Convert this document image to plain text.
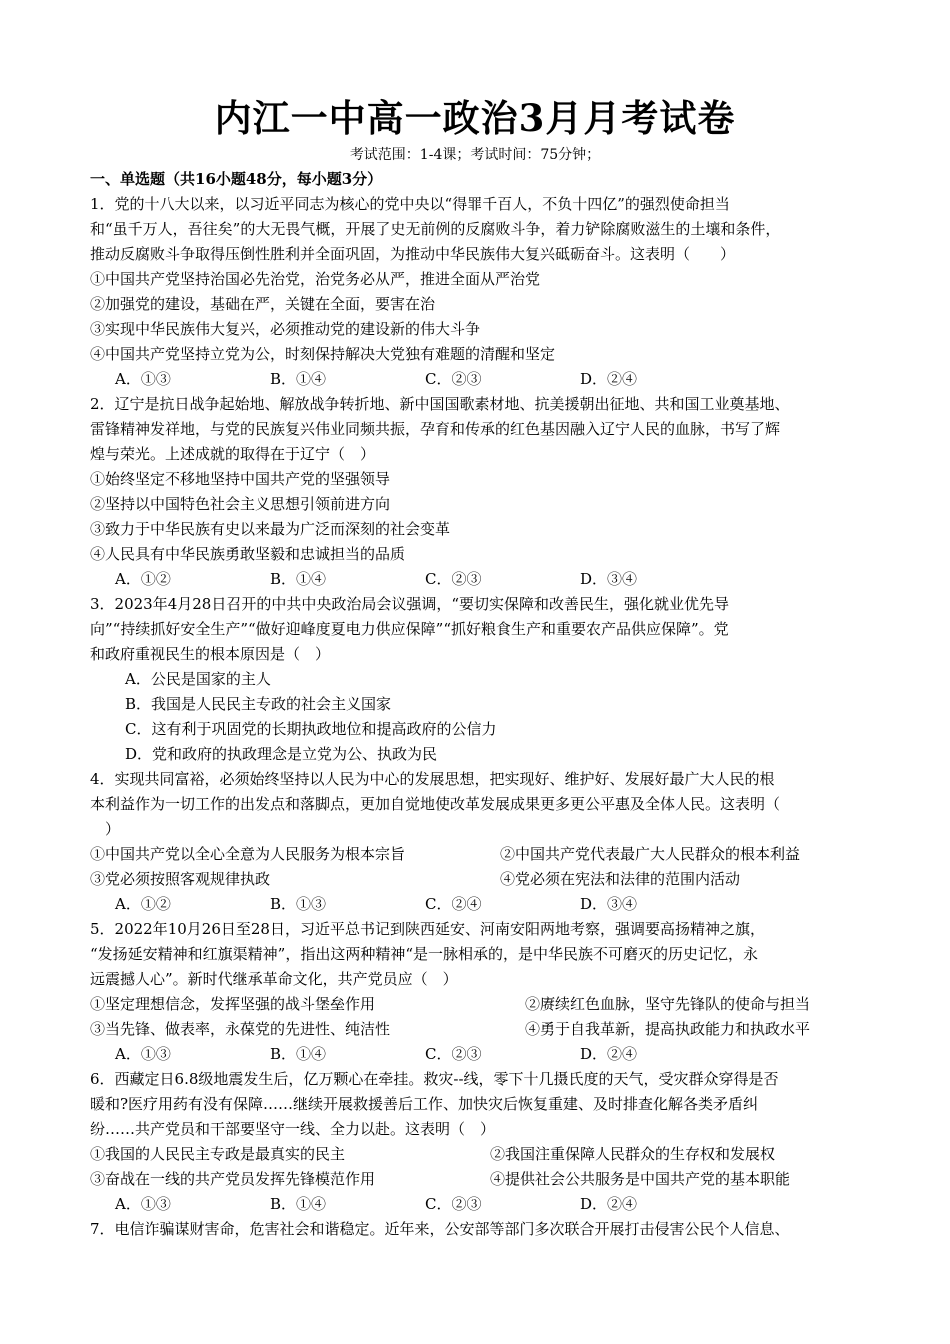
内江一中高一政治3月月考试卷
考试范围：1-4课；考试时间：75分钟；
一、单选题（共16小题48分，每小题3分）
1．党的十八大以来，以习近平同志为核心的党中央以“得罪千百人，不负十四亿”的强烈使命担当
和“虽千万人，吾往矣”的大无畏气概，开展了史无前例的反腐败斗争，着力铲除腐败滋生的土壤和条件，
推动反腐败斗争取得压倒性胜利并全面巩固，为推动中华民族伟大复兴砥砺奋斗。这表明（　　）
①中国共产党坚持治国必先治党，治党务必从严，推进全面从严治党
②加强党的建设，基础在严，关键在全面，要害在治
③实现中华民族伟大复兴，必须推动党的建设新的伟大斗争
④中国共产党坚持立党为公，时刻保持解决大党独有难题的清醒和坚定
A．①③	B．①④	C．②③	D．②④
2．辽宁是抗日战争起始地、解放战争转折地、新中国国歌素材地、抗美援朝出征地、共和国工业奠基地、
雷锋精神发祥地，与党的民族复兴伟业同频共振，孕育和传承的红色基因融入辽宁人民的血脉，书写了辉
煌与荣光。上述成就的取得在于辽宁（　）
①始终坚定不移地坚持中国共产党的坚强领导
②坚持以中国特色社会主义思想引领前进方向
③致力于中华民族有史以来最为广泛而深刻的社会变革
④人民具有中华民族勇敢坚毅和忠诚担当的品质
A．①②	B．①④	C．②③	D．③④
3．2023年4月28日召开的中共中央政治局会议强调，“要切实保障和改善民生，强化就业优先导
向”“持续抓好安全生产”“做好迎峰度夏电力供应保障”“抓好粮食生产和重要农产品供应保障”。党
和政府重视民生的根本原因是（　）
A．公民是国家的主人
B．我国是人民民主专政的社会主义国家
C．这有利于巩固党的长期执政地位和提高政府的公信力
D．党和政府的执政理念是立党为公、执政为民
4．实现共同富裕，必须始终坚持以人民为中心的发展思想，把实现好、维护好、发展好最广大人民的根
本利益作为一切工作的出发点和落脚点，更加自觉地使改革发展成果更多更公平惠及全体人民。这表明（
　）
①中国共产党以全心全意为人民服务为根本宗旨	②中国共产党代表最广大人民群众的根本利益
③党必须按照客观规律执政	④党必须在宪法和法律的范围内活动
A．①②	B．①③	C．②④	D．③④
5．2022年10月26日至28日，习近平总书记到陕西延安、河南安阳两地考察，强调要高扬精神之旗，
“发扬延安精神和红旗渠精神”，指出这两种精神“是一脉相承的，是中华民族不可磨灭的历史记忆，永
远震撼人心”。新时代继承革命文化，共产党员应（　）
①坚定理想信念，发挥坚强的战斗堡垒作用	②赓续红色血脉，坚守先锋队的使命与担当
③当先锋、做表率，永葆党的先进性、纯洁性	④勇于自我革新，提高执政能力和执政水平
A．①③	B．①④	C．②③	D．②④
6．西藏定日6.8级地震发生后，亿万颗心在牵挂。救灾--线，零下十几摄氏度的天气，受灾群众穿得是否
暖和?医疗用药有没有保障……继续开展救援善后工作、加快灾后恢复重建、及时排查化解各类矛盾纠
纷……共产党员和干部要坚守一线、全力以赴。这表明（　）
①我国的人民民主专政是最真实的民主	②我国注重保障人民群众的生存权和发展权
③奋战在一线的共产党员发挥先锋模范作用	④提供社会公共服务是中国共产党的基本职能
A．①③	B．①④	C．②③	D．②④
7．电信诈骗谋财害命，危害社会和谐稳定。近年来，公安部等部门多次联合开展打击侵害公民个人信息、
